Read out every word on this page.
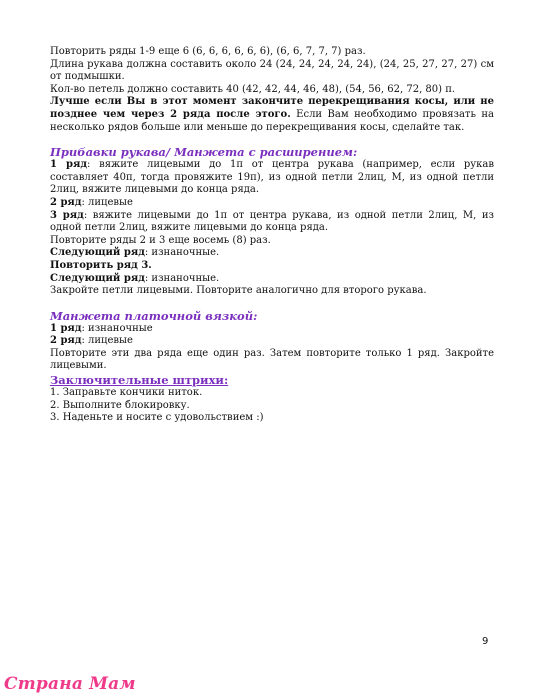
Повторить ряды 1-9 еще 6 (6, 6, 6, 6, 6, 6), (6, 6, 7, 7, 7) раз.

Длина рукава должна составить около 24 (24, 24, 24, 24, 24), (24, 25, 27, 27, 27) см от подмышки.

Кол-во петель должно составить 40 (42, 42, 44, 46, 48), (54, 56, 62, 72, 80) п.

Лучше если Вы в этот момент закончите перекрещивания косы, или не позднее чем через 2 ряда после этого. Если Вам необходимо провязать на несколько рядов больше или меньше до перекрещивания косы, сделайте так.

Прибавки рукава/ Манжета с расширением:

1 ряд: вяжите лицевыми до 1п от центра рукава (например, если рукав составляет 40п, тогда провяжите 19п), из одной петли 2лиц, М, из одной петли 2лиц, вяжите лицевыми до конца ряда.

2 ряд: лицевые

3 ряд: вяжите лицевыми до 1п от центра рукава, из одной петли 2лиц, М, из одной петли 2лиц, вяжите лицевыми до конца ряда.

Повторите ряды 2 и 3 еще восемь (8) раз.

Следующий ряд: изнаночные.

Повторить ряд 3.

Следующий ряд: изнаночные.

Закройте петли лицевыми. Повторите аналогично для второго рукава.

Манжета платочной вязкой:

1 ряд: изнаночные

2 ряд: лицевые

Повторите эти два ряда еще один раз. Затем повторите только 1 ряд. Закройте лицевыми.

Заключительные штрихи:

1. Заправьте кончики ниток.

2. Выполните блокировку.

3. Наденьте и носите с удовольствием :)

9
Страна Мам
